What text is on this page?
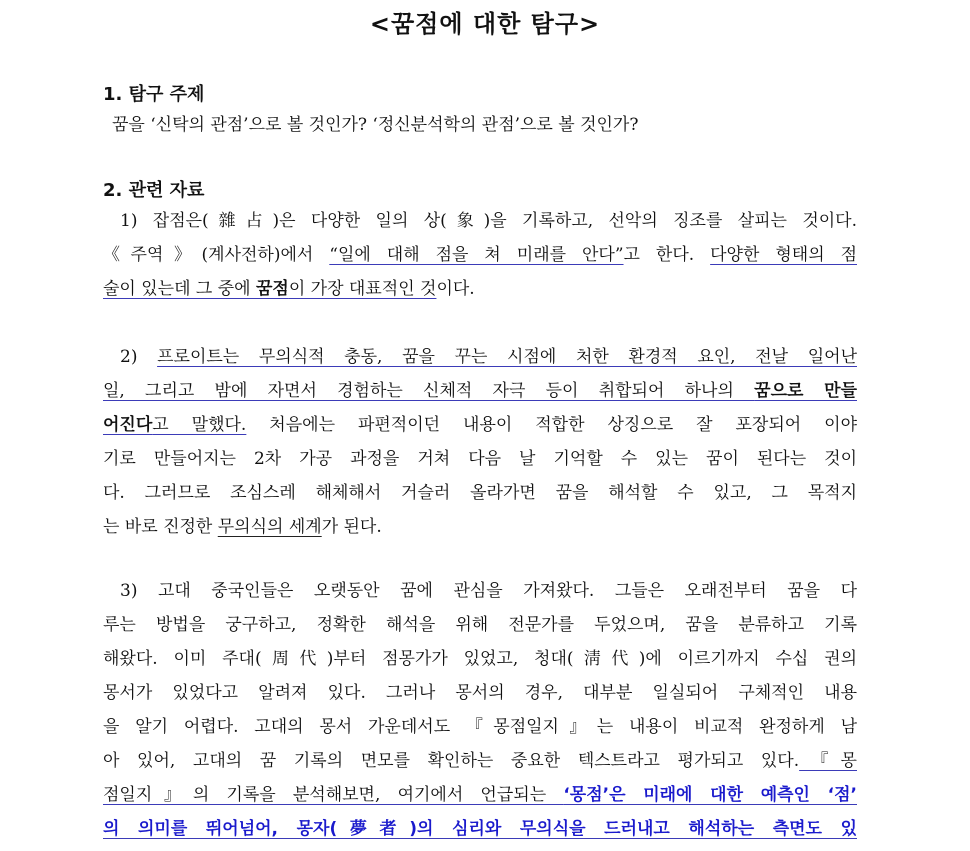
<꿈점에 대한 탐구>
1. 탐구 주제
꿈을 ‘신탁의 관점’으로 볼 것인가? ‘정신분석학의 관점’으로 볼 것인가?
2. 관련 자료
1) 잡점은(雜占)은 다양한 일의 상(象)을 기록하고, 선악의 징조를 살피는 것이다.
《주역》(계사전하)에서 “일에 대해 점을 쳐 미래를 안다”고 한다. 다양한 형태의 점
술이 있는데 그 중에 꿈점이 가장 대표적인 것이다.
2) 프로이트는 무의식적 충동, 꿈을 꾸는 시점에 처한 환경적 요인, 전날 일어난
일, 그리고 밤에 자면서 경험하는 신체적 자극 등이 취합되어 하나의 꿈으로 만들
어진다고 말했다. 처음에는 파편적이던 내용이 적합한 상징으로 잘 포장되어 이야
기로 만들어지는 2차 가공 과정을 거쳐 다음 날 기억할 수 있는 꿈이 된다는 것이
다. 그러므로 조심스레 해체해서 거슬러 올라가면 꿈을 해석할 수 있고, 그 목적지
는 바로 진정한 무의식의 세계가 된다.
3) 고대 중국인들은 오랫동안 꿈에 관심을 가져왔다. 그들은 오래전부터 꿈을 다
루는 방법을 궁구하고, 정확한 해석을 위해 전문가를 두었으며, 꿈을 분류하고 기록
해왔다. 이미 주대(周代)부터 점몽가가 있었고, 청대(淸代)에 이르기까지 수십 권의
몽서가 있었다고 알려져 있다. 그러나 몽서의 경우, 대부분 일실되어 구체적인 내용
을 알기 어렵다. 고대의 몽서 가운데서도 『몽점일지』는 내용이 비교적 완정하게 남
아 있어, 고대의 꿈 기록의 면모를 확인하는 중요한 텍스트라고 평가되고 있다.『몽
점일지』의 기록을 분석해보면, 여기에서 언급되는 ‘몽점’은 미래에 대한 예측인 ‘점’
의 의미를 뛰어넘어, 몽자(夢者)의 심리와 무의식을 드러내고 해석하는 측면도 있
